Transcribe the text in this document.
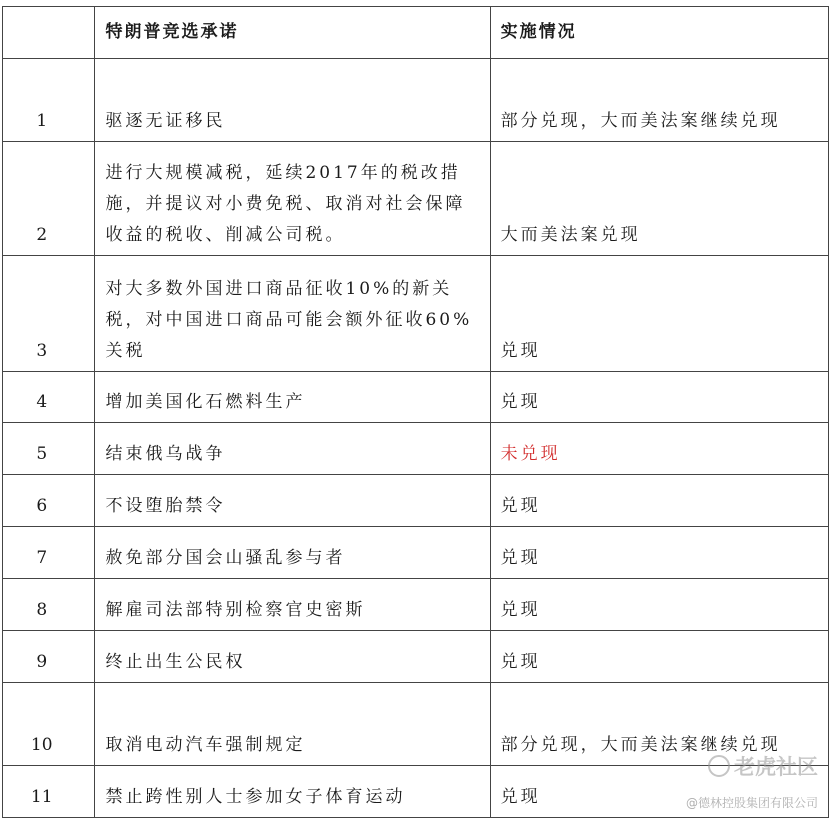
	特朗普竞选承诺	实施情况
1	驱逐无证移民	部分兑现，大而美法案继续兑现
2	进行大规模减税，延续2017年的税改措施，并提议对小费免税、取消对社会保障收益的税收、削减公司税。	大而美法案兑现
3	对大多数外国进口商品征收10%的新关税，对中国进口商品可能会额外征收60%关税	兑现
4	增加美国化石燃料生产	兑现
5	结束俄乌战争	未兑现
6	不设堕胎禁令	兑现
7	赦免部分国会山骚乱参与者	兑现
8	解雇司法部特别检察官史密斯	兑现
9	终止出生公民权	兑现
10	取消电动汽车强制规定	部分兑现，大而美法案继续兑现
11	禁止跨性别人士参加女子体育运动	兑现
老虎社区
@德林控股集团有限公司
